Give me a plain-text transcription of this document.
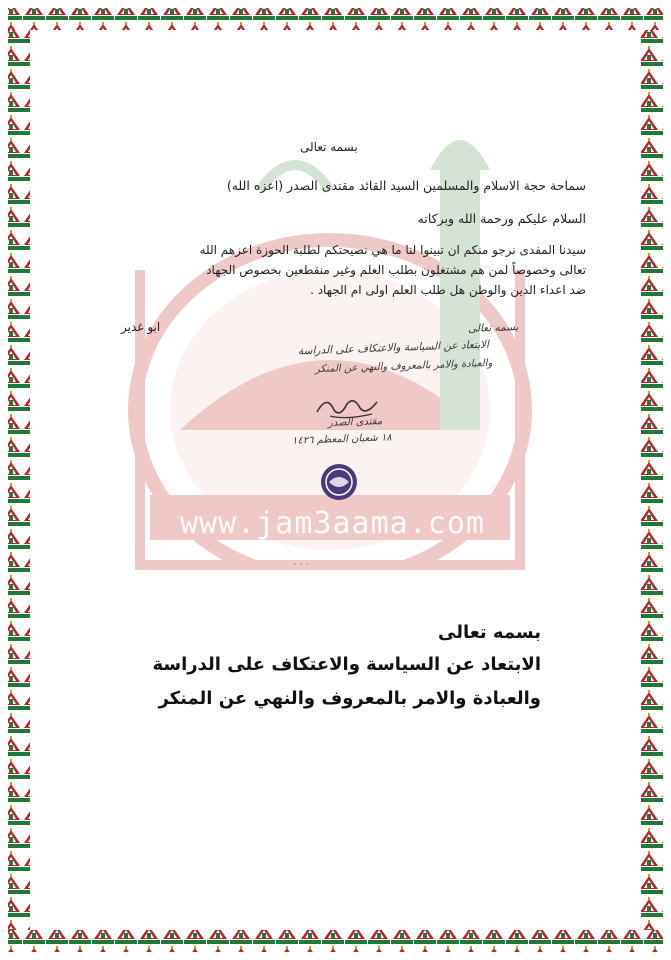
www.jam3aama.com
بسمه تعالى
سماحة حجة الاسلام والمسلمين السيد القائد مقتدى الصدر (اعزه الله)
السلام عليكم ورحمة الله وبركاته
سيدنا المفدى نرجو منكم ان تبينوا لنا ما هي نصيحتكم لطلبة الحوزة اعزهم الله
تعالى وخصوصاً لمن هم مشتغلون بطلب العلم وغير منقطعين بخصوص الجهاد
ضد اعداء الدين والوطن هل طلب العلم اولى ام الجهاد .
ابو غدير	بسمه تعالى
الابتعاد عن السياسة والاعتكاف على الدراسة
والعبادة والامر بالمعروف والنهي عن المنكر
مقتدى الصدر
١٨ شعبان المعظم ١٤٢٦
· · ·
بسمه تعالى
الابتعاد عن السياسة والاعتكاف على الدراسة
والعبادة والامر بالمعروف والنهي عن المنكر
